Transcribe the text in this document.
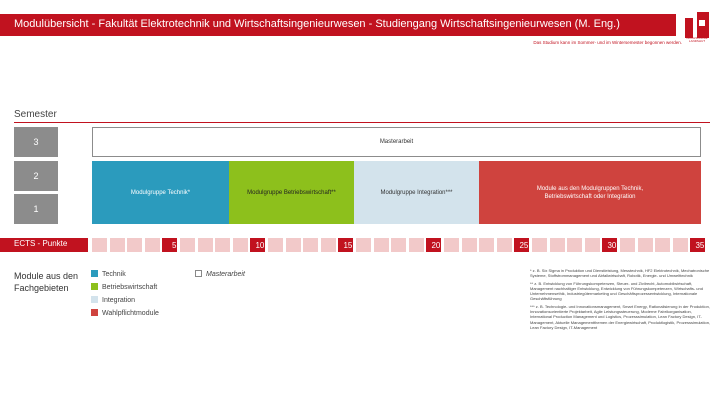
Modulübersicht - Fakultät Elektrotechnik und Wirtschaftsingenieurwesen - Studiengang Wirtschaftsingenieurwesen (M. Eng.)
HOCHSCHULE LANDSHUT
Das Studium kann im Sommer- und im Wintersemester begonnen werden.
Semester
3
2
1
Masterarbeit
Modulgruppe Technik*	Modulgruppe Betriebswirtschaft**	Modulgruppe Integration***
Module aus den Modulgruppen Technik, Betriebswirtschaft oder Integration
ECTS - Punkte	5	10	15	20	25	30	35
Module aus den
Fachgebieten
Technik
Betriebswirtschaft
Integration
Wahlpflichtmodule
Masterarbeit

* z. B. Six Sigma in Produktion und Dienstleistung, Messtechnik, HF2 Elektrotechnik, Mechatronische Systeme, Stoffstrommanagement und Abfallwirtschaft, Robotik, Energie- und Umwelttechnik

** z. B. Entwicklung von Führungskompetenzen, Steuer- und Zivilrecht, Automobilwirtschaft, Management nachhaltiger Entwicklung, Entwicklung von Führungskompetenzen, Wirtschafts- und Unternehmensethik, Industriegütermarketing und Geschäftsprozessentwicklung, Internationale Geschäftsführung

*** z. B. Technologie- und Innovationsmanagement, Smart Energy, Rationalisierung in der Produktion, Innovationsorientierte Projektarbeit, Agile Leistungssteuerung, Moderne Fabrikorganisation, International Production Management und Logistics, Prozesssimulation, Lean Factory Design, IT-Management, Aktuelle Managementthemen der Energiewirtschaft, Produktlogistik, Prozesssimulation, Lean Factory Design, IT-Management
